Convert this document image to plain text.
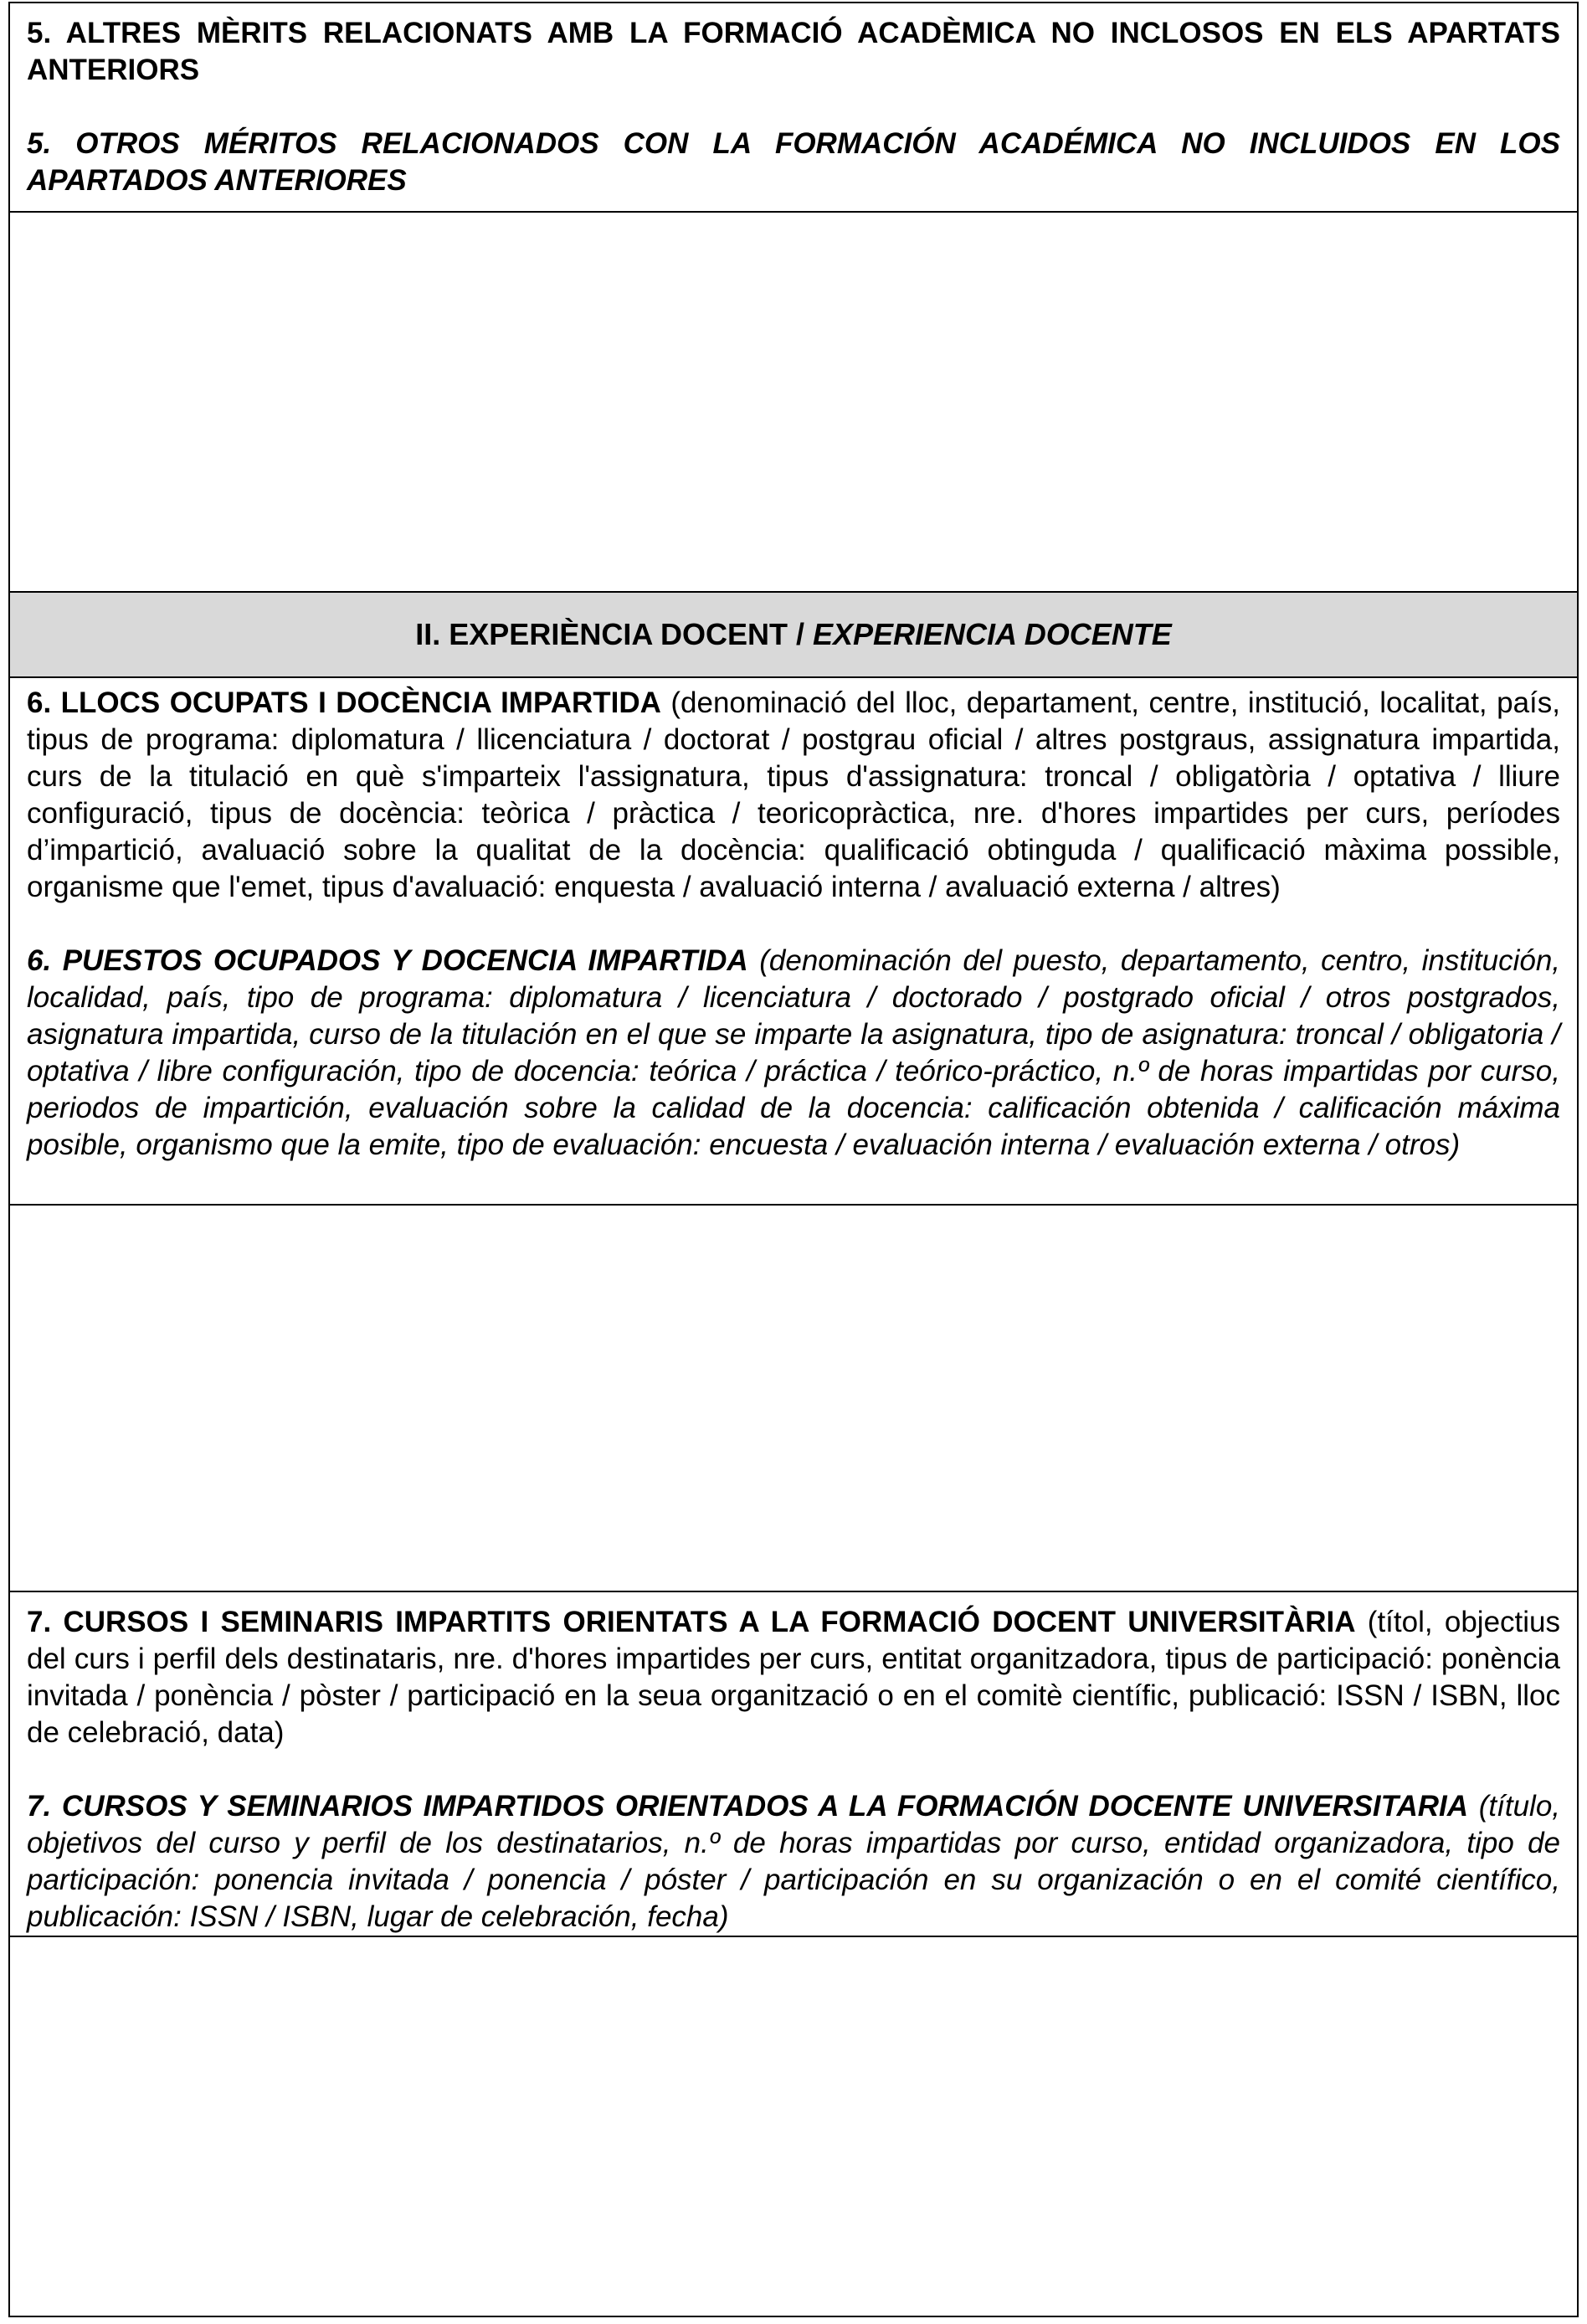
5. ALTRES MÈRITS RELACIONATS AMB LA FORMACIÓ ACADÈMICA NO INCLOSOS EN ELS APARTATS ANTERIORS

5. OTROS MÉRITOS RELACIONADOS CON LA FORMACIÓN ACADÉMICA NO INCLUIDOS EN LOS APARTADOS ANTERIORES

II. EXPERIÈNCIA DOCENT / EXPERIENCIA DOCENTE

6. LLOCS OCUPATS I DOCÈNCIA IMPARTIDA (denominació del lloc, departament, centre, institució, localitat, país, tipus de programa: diplomatura / llicenciatura / doctorat / postgrau oficial / altres postgraus, assignatura impartida, curs de la titulació en què s'imparteix l'assignatura, tipus d'assignatura: troncal / obligatòria / optativa / lliure configuració, tipus de docència: teòrica / pràctica / teoricopràctica, nre. d'hores impartides per curs, períodes d’impartició, avaluació sobre la qualitat de la docència: qualificació obtinguda / qualificació màxima possible, organisme que l'emet, tipus d'avaluació: enquesta / avaluació interna / avaluació externa / altres)

6. PUESTOS OCUPADOS Y DOCENCIA IMPARTIDA (denominación del puesto, departamento, centro, institución, localidad, país, tipo de programa: diplomatura / licenciatura / doctorado / postgrado oficial / otros postgrados, asignatura impartida, curso de la titulación en el que se imparte la asignatura, tipo de asignatura: troncal / obligatoria / optativa / libre configuración, tipo de docencia: teórica / práctica / teórico-práctico, n.º de horas impartidas por curso, periodos de impartición, evaluación sobre la calidad de la docencia: calificación obtenida / calificación máxima posible, organismo que la emite, tipo de evaluación: encuesta / evaluación interna / evaluación externa / otros)

7. CURSOS I SEMINARIS IMPARTITS ORIENTATS A LA FORMACIÓ DOCENT UNIVERSITÀRIA (títol, objectius del curs i perfil dels destinataris, nre. d'hores impartides per curs, entitat organitzadora, tipus de participació: ponència invitada / ponència / pòster / participació en la seua organització o en el comitè científic, publicació: ISSN / ISBN, lloc de celebració, data)

7. CURSOS Y SEMINARIOS IMPARTIDOS ORIENTADOS A LA FORMACIÓN DOCENTE UNIVERSITARIA (título, objetivos del curso y perfil de los destinatarios, n.º de horas impartidas por curso, entidad organizadora, tipo de participación: ponencia invitada / ponencia / póster / participación en su organización o en el comité científico, publicación: ISSN / ISBN, lugar de celebración, fecha)
